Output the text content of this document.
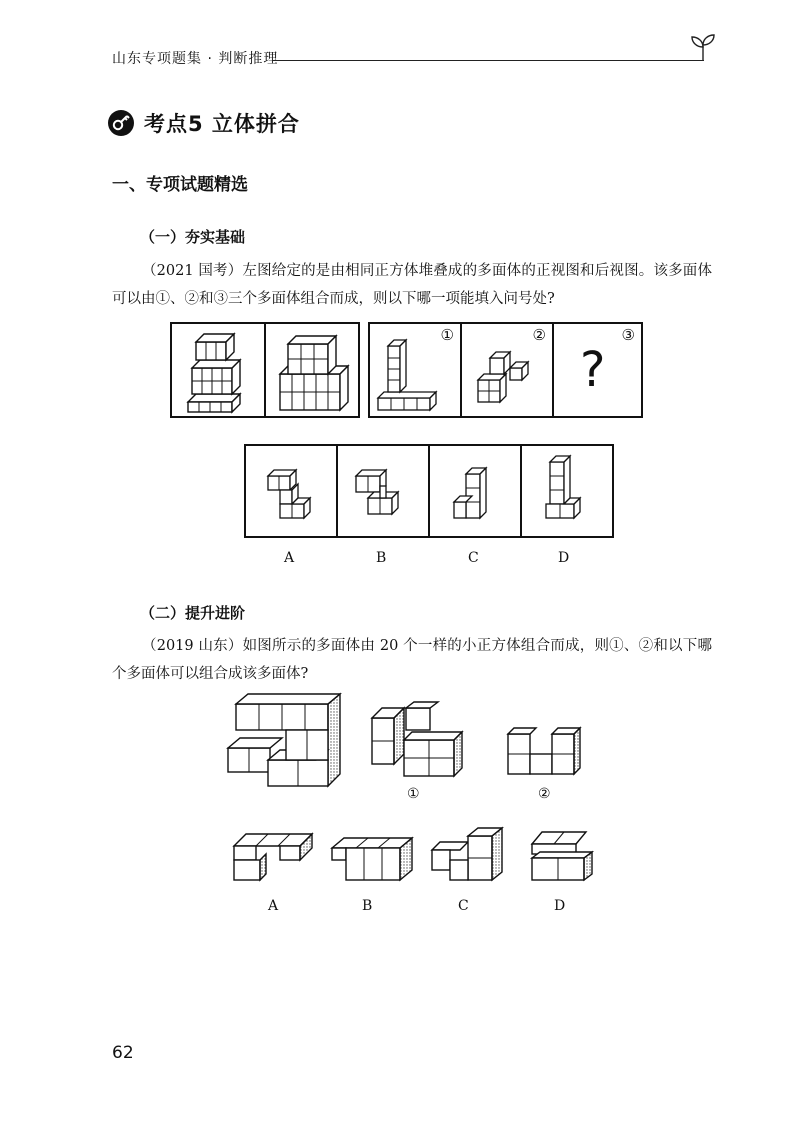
山东专项题集 · 判断推理
考点5 立体拼合
一、专项试题精选
（一）夯实基础
（2021 国考）左图给定的是由相同正方体堆叠成的多面体的正视图和后视图。该多面体可以由①、②和③三个多面体组合而成，则以下哪一项能填入问号处?
①	②	③
?
A	B	C	D
（二）提升进阶
（2019 山东）如图所示的多面体由 20 个一样的小正方体组合而成，则①、②和以下哪个多面体可以组合成该多面体?
①	②
A	B	C	D
62
